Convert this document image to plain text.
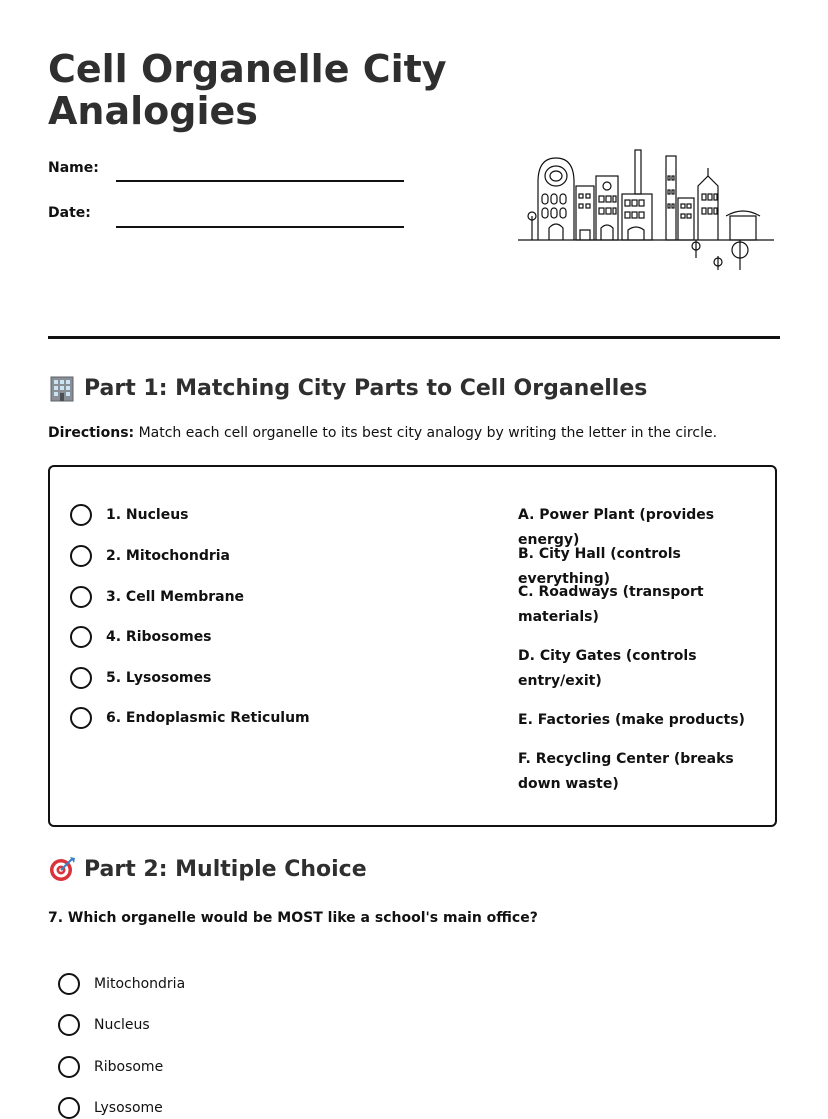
Cell Organelle City Analogies
Name:
Date:
Part 1: Matching City Parts to Cell Organelles
Directions: Match each cell organelle to its best city analogy by writing the letter in the circle.
1. Nucleus
2. Mitochondria
3. Cell Membrane
4. Ribosomes
5. Lysosomes
6. Endoplasmic Reticulum
A. Power Plant (provides energy)
B. City Hall (controls everything)
C. Roadways (transport materials)
D. City Gates (controls entry/exit)
E. Factories (make products)
F. Recycling Center (breaks down waste)
Part 2: Multiple Choice
7. Which organelle would be MOST like a school's main office?
Mitochondria
Nucleus
Ribosome
Lysosome
